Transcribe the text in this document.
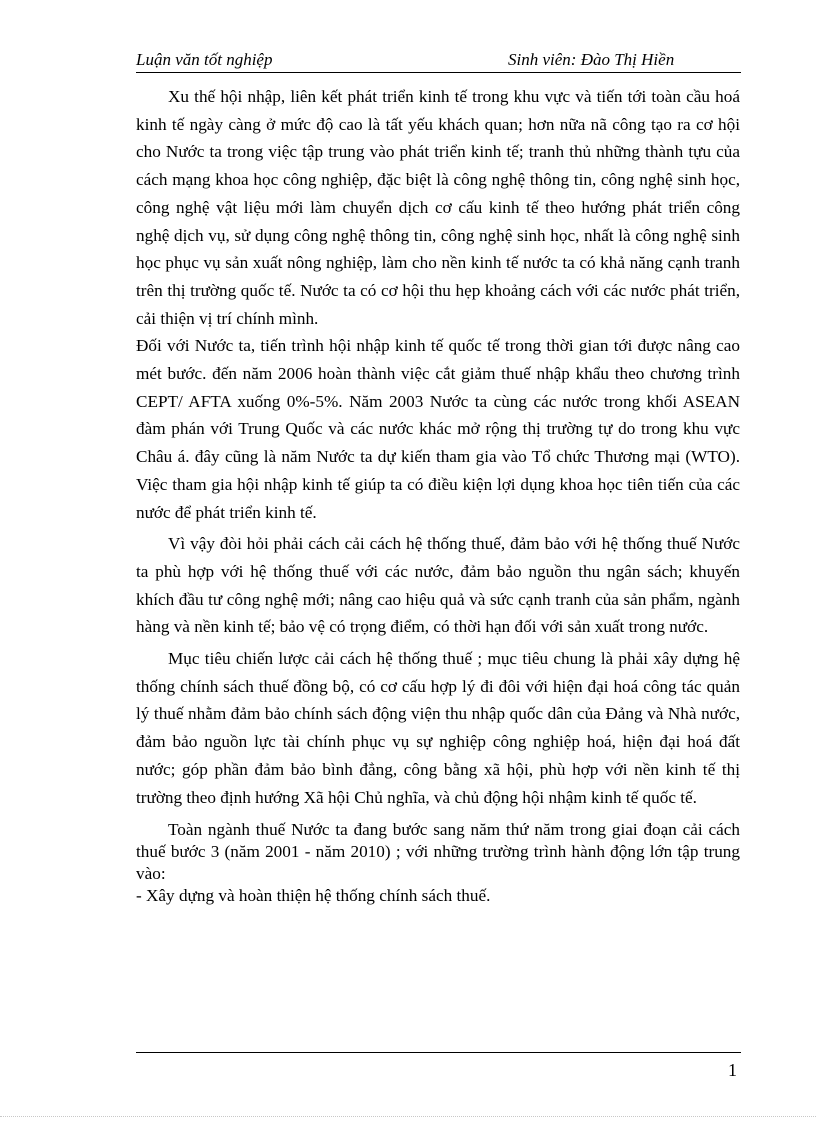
Luận văn tốt nghiệp	Sinh viên: Đào Thị Hiền

Xu thế hội nhập, liên kết phát triển kinh tế trong khu vực và tiến tới toàn cầu hoá kinh tế ngày càng ở mức độ cao là tất yếu khách quan; hơn nữa nã công tạo ra cơ hội cho Nước ta trong việc tập trung vào phát triển kinh tế; tranh thủ những thành tựu của cách mạng khoa học công nghiệp, đặc biệt là công nghệ thông tin, công nghệ sinh học, công nghệ vật liệu mới làm chuyển dịch cơ cấu kinh tế theo hướng phát triển công nghệ dịch vụ, sử dụng công nghệ thông tin, công nghệ sinh học, nhất là công nghệ sinh học phục vụ sản xuất nông nghiệp, làm cho nền kinh tế nước ta có khả năng cạnh tranh trên thị trường quốc tế. Nước ta có cơ hội thu hẹp khoảng cách với các nước phát triển, cải thiện vị trí chính mình.

Đối với Nước ta, tiến trình hội nhập kinh tế quốc tế trong thời gian tới được nâng cao mét bước. đến năm 2006 hoàn thành việc cắt giảm thuế nhập khẩu theo chương trình CEPT/ AFTA xuống 0%-5%. Năm 2003 Nước ta cùng các nước trong khối ASEAN đàm phán với Trung Quốc và các nước khác mở rộng thị trường tự do trong khu vực Châu á. đây cũng là năm Nước ta dự kiến tham gia vào Tổ chức Thương mại (WTO). Việc tham gia hội nhập kinh tế giúp ta có điều kiện lợi dụng khoa học tiên tiến của các nước để phát triển kinh tế.

Vì vậy đòi hỏi phải cách cải cách hệ thống thuế, đảm bảo với hệ thống thuế Nước ta phù hợp với hệ thống thuế với các nước, đảm bảo nguồn thu ngân sách; khuyến khích đầu tư công nghệ mới; nâng cao hiệu quả và sức cạnh tranh của sản phẩm, ngành hàng và nền kinh tế; bảo vệ có trọng điểm, có thời hạn đối với sản xuất trong nước.

Mục tiêu chiến lược cải cách hệ thống thuế ; mục tiêu chung là phải xây dựng hệ thống chính sách thuế đồng bộ, có cơ cấu hợp lý đi đôi với hiện đại hoá công tác quản lý thuế nhằm đảm bảo chính sách động viện thu nhập quốc dân của Đảng và Nhà nước, đảm bảo nguồn lực tài chính phục vụ sự nghiệp công nghiệp hoá, hiện đại hoá đất nước; góp phần đảm bảo bình đẳng, công bằng xã hội, phù hợp với nền kinh tế thị trường theo định hướng Xã hội Chủ nghĩa, và chủ động hội nhậm kinh tế quốc tế.

Toàn ngành thuế Nước ta đang bước sang năm thứ năm trong giai đoạn cải cách thuế bước 3 (năm 2001 - năm 2010) ; với những trường trình hành động lớn tập trung vào:

- Xây dựng và hoàn thiện hệ thống chính sách thuế.

1
